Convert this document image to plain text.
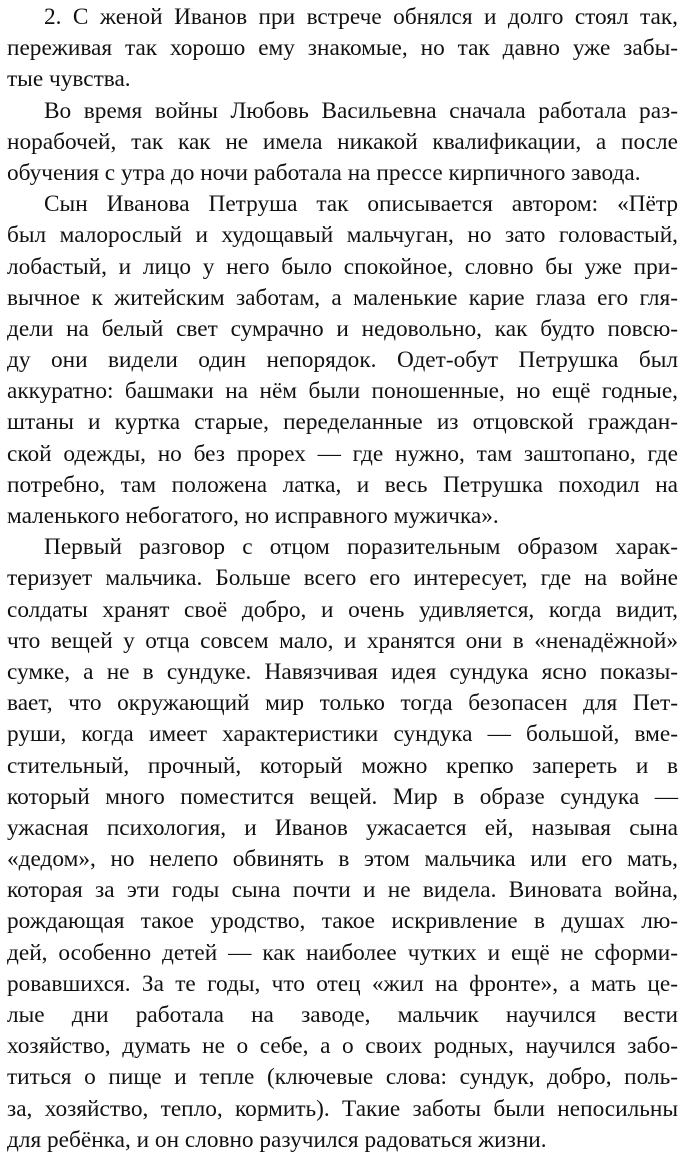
2. С женой Иванов при встрече обнялся и долго стоял так,
переживая так хорошо ему знакомые, но так давно уже забы-
тые чувства.
Во время войны Любовь Васильевна сначала работала раз-
норабочей, так как не имела никакой квалификации, а после
обучения с утра до ночи работала на прессе кирпичного завода.
Сын Иванова Петруша так описывается автором: «Пётр
был малорослый и худощавый мальчуган, но зато головастый,
лобастый, и лицо у него было спокойное, словно бы уже при-
вычное к житейским заботам, а маленькие карие глаза его гля-
дели на белый свет сумрачно и недовольно, как будто повсю-
ду они видели один непорядок. Одет-обут Петрушка был
аккуратно: башмаки на нём были поношенные, но ещё годные,
штаны и куртка старые, переделанные из отцовской граждан-
ской одежды, но без прорех — где нужно, там заштопано, где
потребно, там положена латка, и весь Петрушка походил на
маленького небогатого, но исправного мужичка».
Первый разговор с отцом поразительным образом харак-
теризует мальчика. Больше всего его интересует, где на войне
солдаты хранят своё добро, и очень удивляется, когда видит,
что вещей у отца совсем мало, и хранятся они в «ненадёжной»
сумке, а не в сундуке. Навязчивая идея сундука ясно показы-
вает, что окружающий мир только тогда безопасен для Пет-
руши, когда имеет характеристики сундука — большой, вме-
стительный, прочный, который можно крепко запереть и в
который много поместится вещей. Мир в образе сундука —
ужасная психология, и Иванов ужасается ей, называя сына
«дедом», но нелепо обвинять в этом мальчика или его мать,
которая за эти годы сына почти и не видела. Виновата война,
рождающая такое уродство, такое искривление в душах лю-
дей, особенно детей — как наиболее чутких и ещё не сформи-
ровавшихся. За те годы, что отец «жил на фронте», а мать це-
лые дни работала на заводе, мальчик научился вести
хозяйство, думать не о себе, а о своих родных, научился забо-
титься о пище и тепле (ключевые слова: сундук, добро, поль-
за, хозяйство, тепло, кормить). Такие заботы были непосильны
для ребёнка, и он словно разучился радоваться жизни.
